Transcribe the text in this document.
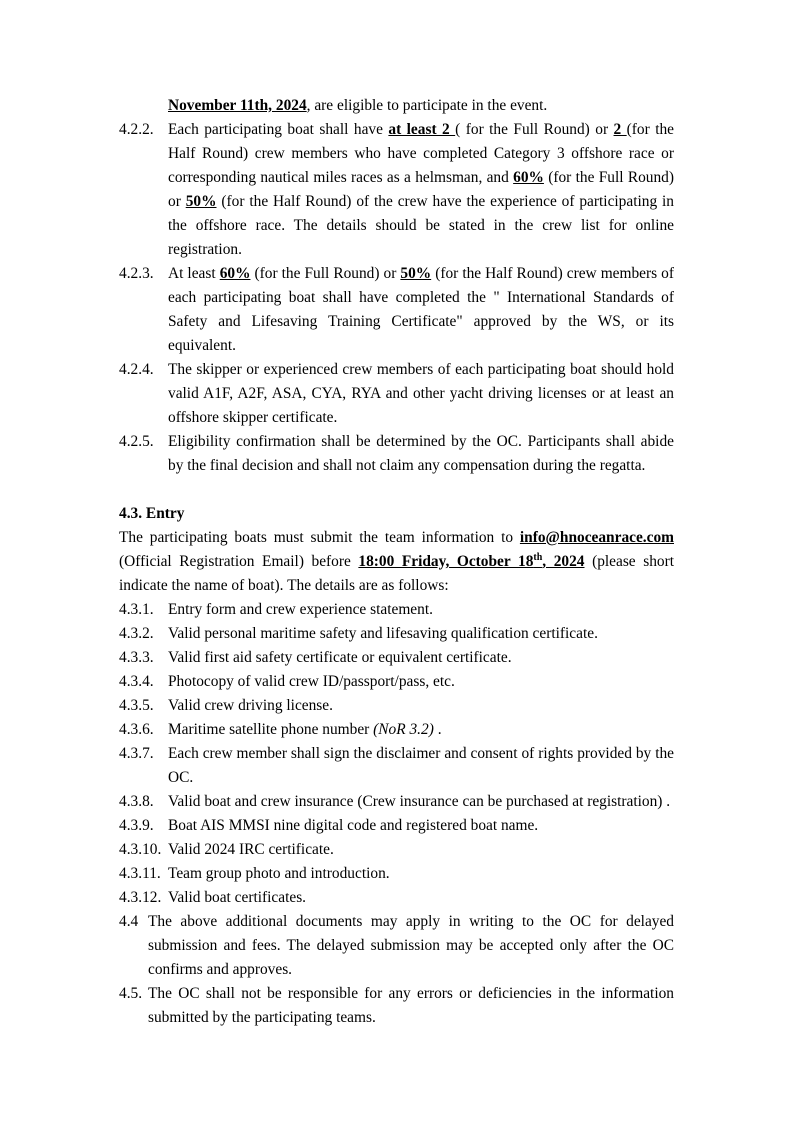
November 11th, 2024, are eligible to participate in the event.
4.2.2. Each participating boat shall have at least 2 ( for the Full Round) or 2 (for the Half Round) crew members who have completed Category 3 offshore race or corresponding nautical miles races as a helmsman, and 60% (for the Full Round) or 50% (for the Half Round) of the crew have the experience of participating in the offshore race. The details should be stated in the crew list for online registration.
4.2.3. At least 60% (for the Full Round) or 50% (for the Half Round) crew members of each participating boat shall have completed the " International Standards of Safety and Lifesaving Training Certificate" approved by the WS, or its equivalent.
4.2.4. The skipper or experienced crew members of each participating boat should hold valid A1F, A2F, ASA, CYA, RYA and other yacht driving licenses or at least an offshore skipper certificate.
4.2.5. Eligibility confirmation shall be determined by the OC. Participants shall abide by the final decision and shall not claim any compensation during the regatta.
4.3. Entry
The participating boats must submit the team information to info@hnoceanrace.com (Official Registration Email) before 18:00 Friday, October 18th, 2024 (please short indicate the name of boat). The details are as follows:
4.3.1. Entry form and crew experience statement.
4.3.2. Valid personal maritime safety and lifesaving qualification certificate.
4.3.3. Valid first aid safety certificate or equivalent certificate.
4.3.4. Photocopy of valid crew ID/passport/pass, etc.
4.3.5. Valid crew driving license.
4.3.6. Maritime satellite phone number (NoR 3.2) .
4.3.7. Each crew member shall sign the disclaimer and consent of rights provided by the OC.
4.3.8. Valid boat and crew insurance (Crew insurance can be purchased at registration) .
4.3.9. Boat AIS MMSI nine digital code and registered boat name.
4.3.10. Valid 2024 IRC certificate.
4.3.11. Team group photo and introduction.
4.3.12. Valid boat certificates.
4.4 The above additional documents may apply in writing to the OC for delayed submission and fees. The delayed submission may be accepted only after the OC confirms and approves.
4.5. The OC shall not be responsible for any errors or deficiencies in the information submitted by the participating teams.
